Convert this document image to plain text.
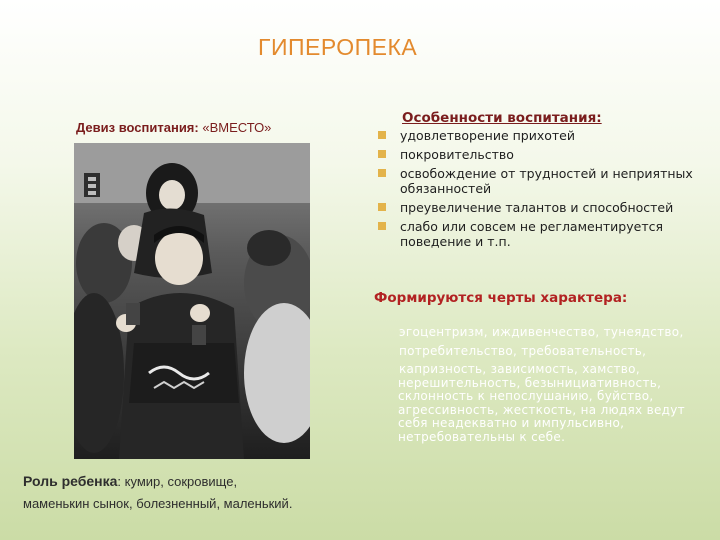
ГИПЕРОПЕКА
Девиз воспитания: «ВМЕСТО»
Роль ребенка: кумир, сокровище,
маменькин сынок, болезненный, маленький.
Особенности воспитания:
удовлетворение прихотей
покровительство
освобождение от трудностей и неприятных обязанностей
преувеличение талантов и способностей
слабо или совсем не регламентируется поведение и т.п.
Формируются черты характера:

эгоцентризм, иждивенчество, тунеядство,

потребительство, требовательность,

капризность, зависимость, хамство, нерешительность, безынициативность, склонность к непослушанию, буйство, агрессивность, жесткость, на людях ведут себя неадекватно и импульсивно, нетребовательны к себе.
